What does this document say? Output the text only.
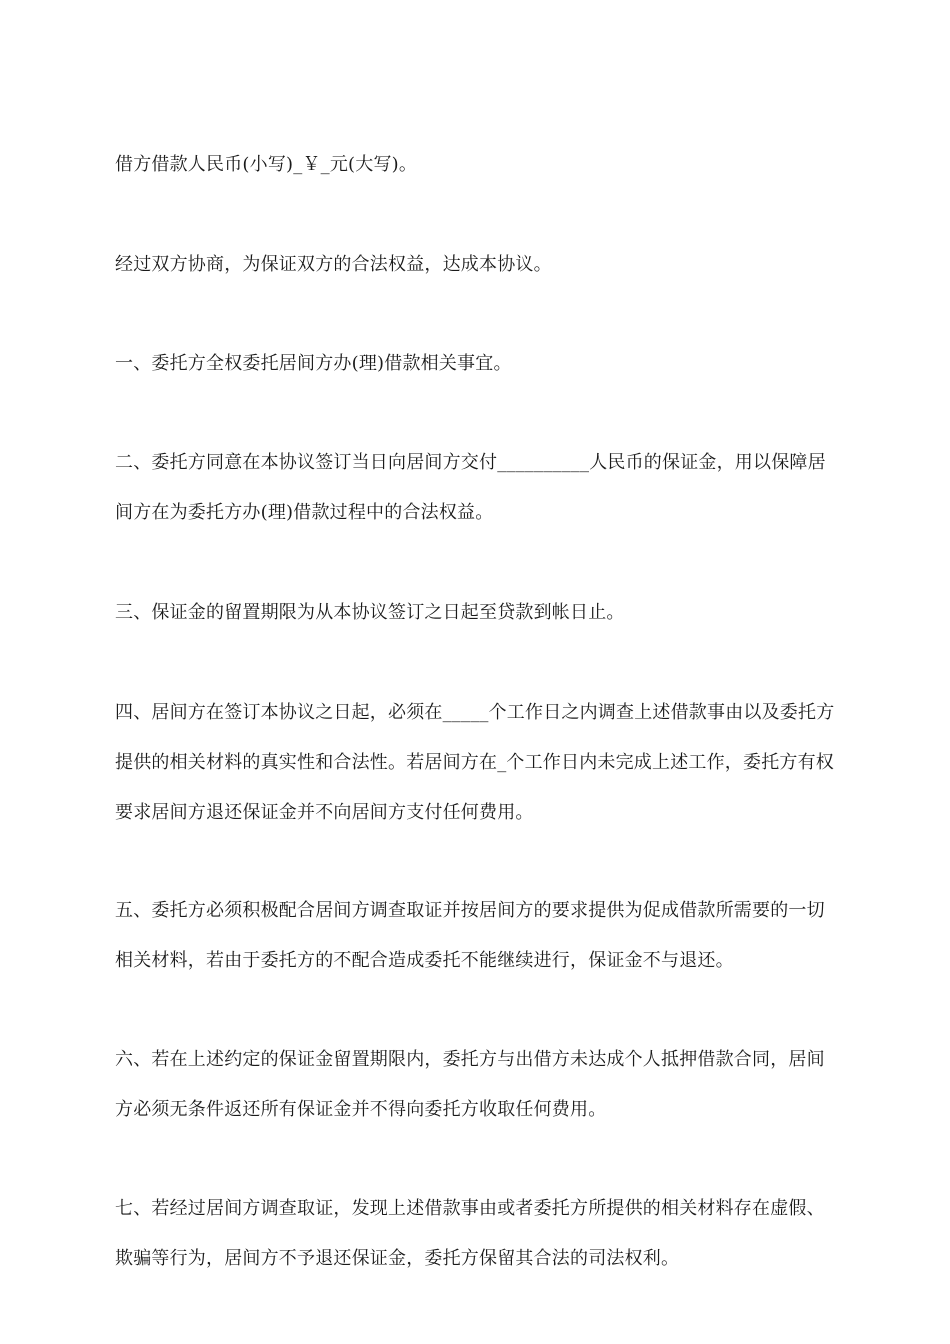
借方借款人民币(小写)_￥_元(大写)。

经过双方协商，为保证双方的合法权益，达成本协议。

一、委托方全权委托居间方办(理)借款相关事宜。

二、委托方同意在本协议签订当日向居间方交付__________人民币的保证金，用以保障居间方在为委托方办(理)借款过程中的合法权益。

三、保证金的留置期限为从本协议签订之日起至贷款到帐日止。

四、居间方在签订本协议之日起，必须在_____个工作日之内调查上述借款事由以及委托方提供的相关材料的真实性和合法性。若居间方在_个工作日内未完成上述工作，委托方有权要求居间方退还保证金并不向居间方支付任何费用。

五、委托方必须积极配合居间方调查取证并按居间方的要求提供为促成借款所需要的一切相关材料，若由于委托方的不配合造成委托不能继续进行，保证金不与退还。

六、若在上述约定的保证金留置期限内，委托方与出借方未达成个人抵押借款合同，居间方必须无条件返还所有保证金并不得向委托方收取任何费用。

七、若经过居间方调查取证，发现上述借款事由或者委托方所提供的相关材料存在虚假、欺骗等行为，居间方不予退还保证金，委托方保留其合法的司法权利。
